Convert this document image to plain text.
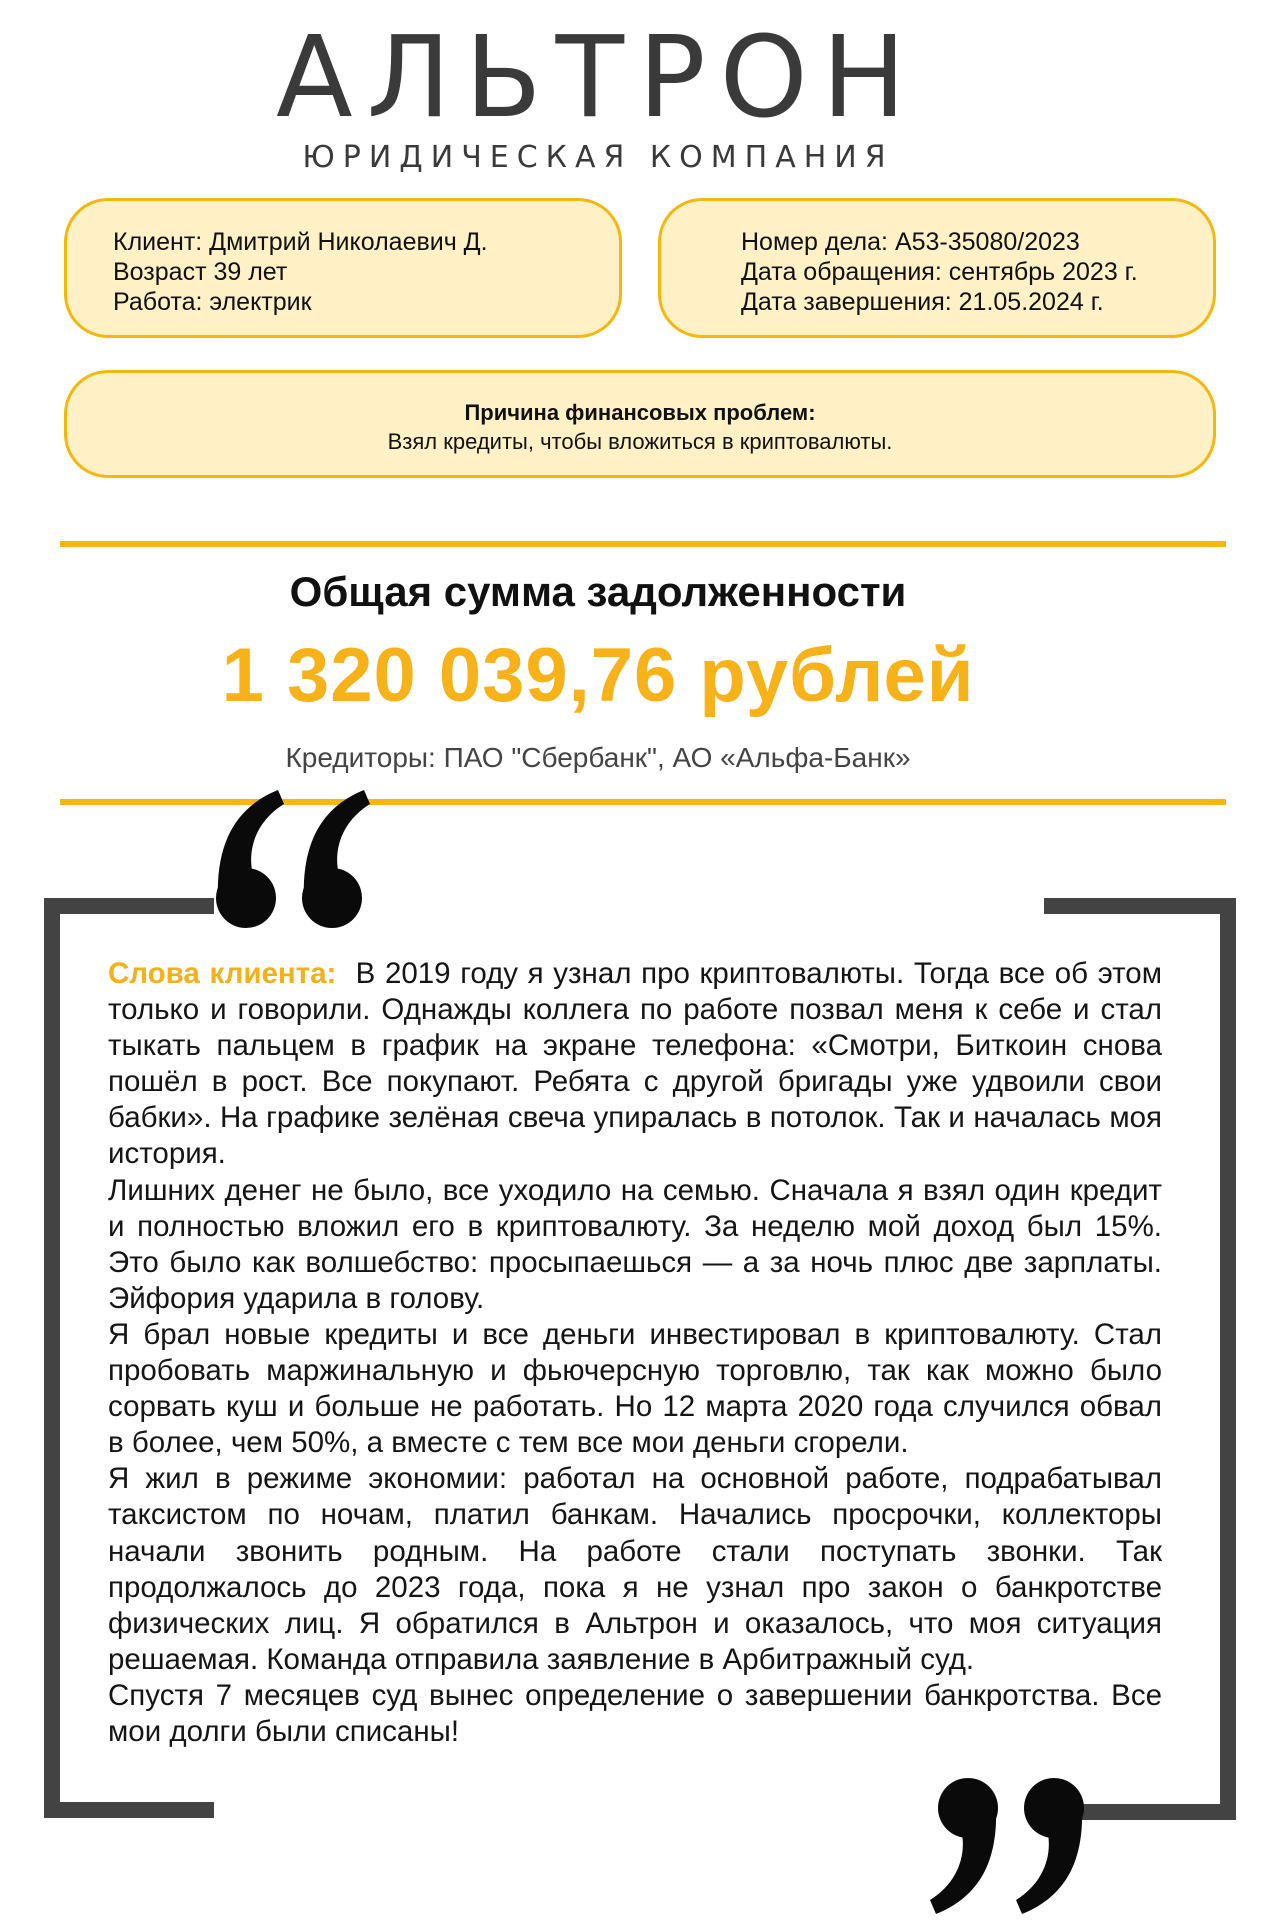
АЛЬТРОН
ЮРИДИЧЕСКАЯ КОМПАНИЯ
Клиент: Дмитрий Николаевич Д.
Возраст 39 лет
Работа: электрик
Номер дела: А53-35080/2023
Дата обращения: сентябрь 2023 г.
Дата завершения: 21.05.2024 г.
Причина финансовых проблем:
Взял кредиты, чтобы вложиться в криптовалюты.
Общая сумма задолженности
1 320 039,76 рублей
Кредиторы: ПАО "Сбербанк", АО «Альфа-Банк»

Слова клиента: В 2019 году я узнал про криптовалюты. Тогда все об этом только и говорили. Однажды коллега по работе позвал меня к себе и стал тыкать пальцем в график на экране телефона: «Смотри, Биткоин снова пошёл в рост. Все покупают. Ребята с другой бригады уже удвоили свои бабки». На графике зелёная свеча упиралась в потолок. Так и началась моя история.

Лишних денег не было, все уходило на семью. Сначала я взял один кредит и полностью вложил его в криптовалюту. За неделю мой доход был 15%. Это было как волшебство: просыпаешься — а за ночь плюс две зарплаты. Эйфория ударила в голову.

Я брал новые кредиты и все деньги инвестировал в криптовалюту. Стал пробовать маржинальную и фьючерсную торговлю, так как можно было сорвать куш и больше не работать. Но 12 марта 2020 года случился обвал в более, чем 50%, а вместе с тем все мои деньги сгорели.

Я жил в режиме экономии: работал на основной работе, подрабатывал таксистом по ночам, платил банкам. Начались просрочки, коллекторы начали звонить родным. На работе стали поступать звонки. Так продолжалось до 2023 года, пока я не узнал про закон о банкротстве физических лиц. Я обратился в Альтрон и оказалось, что моя ситуация решаемая. Команда отправила заявление в Арбитражный суд.

Спустя 7 месяцев суд вынес определение о завершении банкротства. Все мои долги были списаны!
